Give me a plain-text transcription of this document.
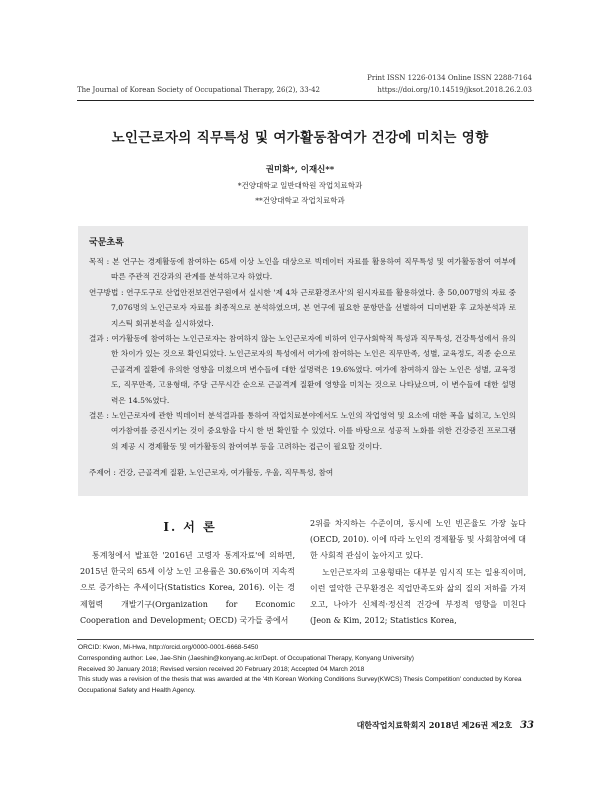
The Journal of Korean Society of Occupational Therapy, 26(2), 33-42
Print ISSN 1226-0134 Online ISSN 2288-7164
https://doi.org/10.14519/jksot.2018.26.2.03
노인근로자의 직무특성 및 여가활동참여가 건강에 미치는 영향
권미화*, 이재신**
*건양대학교 일반대학원 작업치료학과
**건양대학교 작업치료학과
국문초록

목적 : 본 연구는 경제활동에 참여하는 65세 이상 노인을 대상으로 빅데이터 자료를 활용하여 직무특성 및 여가활동참여 여부에 따른 주관적 건강과의 관계를 분석하고자 하였다.

연구방법 : 연구도구로 산업안전보건연구원에서 실시한 '제 4차 근로환경조사'의 원시자료를 활용하였다. 총 50,007명의 자료 중 7,076명의 노인근로자 자료를 최종적으로 분석하였으며, 본 연구에 필요한 문항만을 선별하여 디미변환 후 교차분석과 로지스틱 회귀분석을 실시하였다.

결과 : 여가활동에 참여하는 노인근로자는 참여하지 않는 노인근로자에 비하여 인구사회학적 특성과 직무특성, 건강특성에서 유의한 차이가 있는 것으로 확인되었다. 노인근로자의 특성에서 여가에 참여하는 노인은 직무만족, 성별, 교육정도, 직종 순으로 근골격계 질환에 유의한 영향을 미쳤으며 변수들에 대한 설명력은 19.6%였다. 여가에 참여하지 않는 노인은 성별, 교육정도, 직무만족, 고용형태, 주당 근무시간 순으로 근골격계 질환에 영향을 미치는 것으로 나타났으며, 이 변수들에 대한 설명력은 14.5%였다.

결론 : 노인근로자에 관한 빅데이터 분석결과를 통하여 작업치료분야에서도 노인의 작업영역 및 요소에 대한 폭을 넓히고, 노인의 여가참여를 증진시키는 것이 중요함을 다시 한 번 확인할 수 있었다. 이를 바탕으로 성공적 노화를 위한 건강증진 프로그램의 제공 시 경제활동 및 여가활동의 참여여부 등을 고려하는 접근이 필요할 것이다.

주제어 : 건강, 근골격계 질환, 노인근로자, 여가활동, 우울, 직무특성, 참여
Ⅰ. 서 론

통계청에서 발표한 '2016년 고령자 통계자료'에 의하면, 2015년 한국의 65세 이상 노인 고용률은 30.6%이며 지속적으로 증가하는 추세이다(Statistics Korea, 2016). 이는 경제협력 개발기구(Organization for Economic Cooperation and Development; OECD) 국가들 중에서

2위를 차지하는 수준이며, 동시에 노인 빈곤율도 가장 높다(OECD, 2010). 이에 따라 노인의 경제활동 및 사회참여에 대한 사회적 관심이 높아지고 있다.

노인근로자의 고용형태는 대부분 임시직 또는 일용직이며, 이런 열악한 근무환경은 직업만족도와 삶의 질의 저하를 가져오고, 나아가 신체적·정신적 건강에 부정적 영향을 미친다(Jeon & Kim, 2012; Statistics Korea,

ORCID: Kwon, Mi-Hwa, http://orcid.org/0000-0001-6668-5450
Corresponding author: Lee, Jae-Shin (Jaeshin@konyang.ac.kr/Dept. of Occupational Therapy, Konyang University)
Received 30 January 2018; Revised version received 20 February 2018; Accepted 04 March 2018
This study was a revision of the thesis that was awarded at the '4th Korean Working Conditions Survey(KWCS) Thesis Competition' conducted by Korea Occupational Safety and Health Agency.
대한작업치료학회지 2018년 제26권 제2호 33
